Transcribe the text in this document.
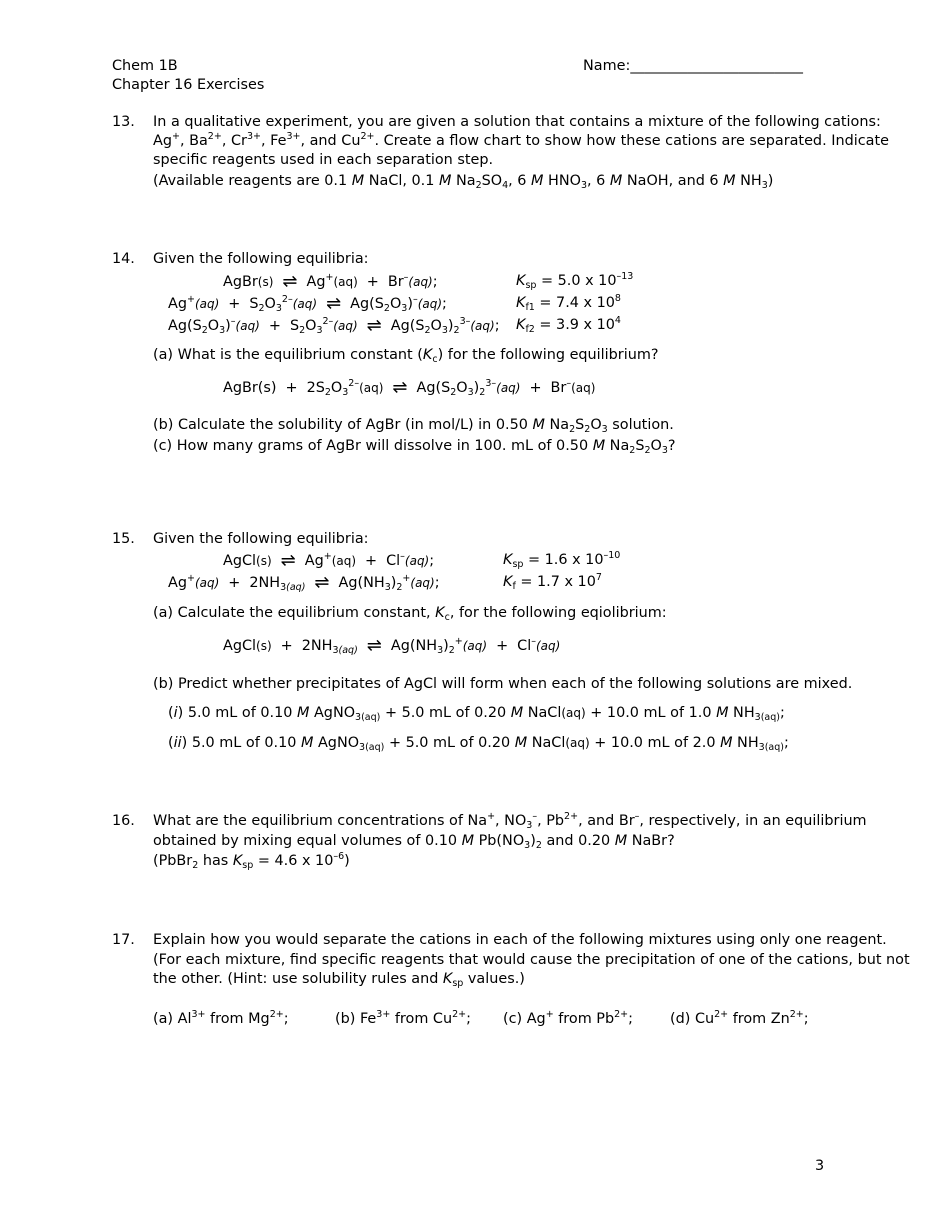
Chem 1B
Chapter 16 Exercises
Name:________________________
13. In a qualitative experiment, you are given a solution that contains a mixture of the following cations:
Ag+, $Ba^{2+}$, $Cr^{3+}$, $Fe^{3+}$, and $Cu^{2+}$. Create a flow chart to show how these cations are separated. Indicate
specific reagents used in each separation step.
(Available reagents are 0.1 M NaCl, 0.1 M $Na_2SO_4$, 6 M $HNO_3$, 6 M NaOH, and 6 M $NH_3$)
14. Given the following equilibria:
AgBr(s) ⇌ Ag+(aq) + Br–(aq);	$K_{sp} = 5.0$ x $10^{-13}$
$Ag^+(aq) + S_2O_3^{2-}(aq)$ ⇌ $Ag(S_2O_3)^-(aq)$;	$K_{f1} = 7.4$ x $10^8$
$Ag(S_2O_3)^-(aq) + S_2O_3^{2-}(aq)$ ⇌ $Ag(S_2O_3)_2^{3-}(aq)$; $K_{f2} = 3.9$ x $10^4$
(a) What is the equilibrium constant $(K_c)$ for the following equilibrium?
AgBr(s) + $2S_2O_3^{2-}(aq)$ ⇌ $Ag(S_2O_3)_2^{3-}(aq) + Br^-(aq)$
(b) Calculate the solubility of AgBr (in mol/L) in 0.50 M $Na_2S_2O_3$ solution.
(c) How many grams of AgBr will dissolve in 100. mL of 0.50 M $Na_2S_2O_3$?
15. Given the following equilibria:
AgCl(s) ⇌ Ag+(aq) + Cl–(aq);	$K_{sp} = 1.6$ x $10^{-10}$
$Ag^+(aq) + 2NH_{3(aq)}$ ⇌ $Ag(NH_3)_2^+(aq)$;	$K_f = 1.7$ x $10^7$
(a) Calculate the equilibrium constant, $K_c$, for the following eqiolibrium:
AgCl(s) + $2NH_{3(aq)}$ ⇌ $Ag(NH_3)_2^+(aq) + Cl^-(aq)$
(b) Predict whether precipitates of AgCl will form when each of the following solutions are mixed.
(i) 5.0 mL of 0.10 M AgNO$_{3(aq)}$ + 5.0 mL of 0.20 M NaCl(aq) + 10.0 mL of 1.0 M $NH_{3(aq)}$;
(ii) 5.0 mL of 0.10 M AgNO$_{3(aq)}$ + 5.0 mL of 0.20 M NaCl(aq) + 10.0 mL of 2.0 M $NH_{3(aq)}$;
16. What are the equilibrium concentrations of Na+, $NO_3^-$, $Pb^{2+}$, and Br–, respectively, in an equilibrium
obtained by mixing equal volumes of 0.10 M $Pb(NO_3)_2$ and 0.20 M NaBr?
(PbBr$_2$ has $K_{sp} = 4.6$ x $10^{-6}$)
17. Explain how you would separate the cations in each of the following mixtures using only one reagent.
(For each mixture, find specific reagents that would cause the precipitation of one of the cations, but not
the other. (Hint: use solubility rules and $K_{sp}$ values.)
(a) $Al^{3+}$ from $Mg^{2+}$;	(b) $Fe^{3+}$ from $Cu^{2+}$; (c) Ag+ from $Pb^{2+}$;	(d) $Cu^{2+}$ from $Zn^{2+}$;
3
